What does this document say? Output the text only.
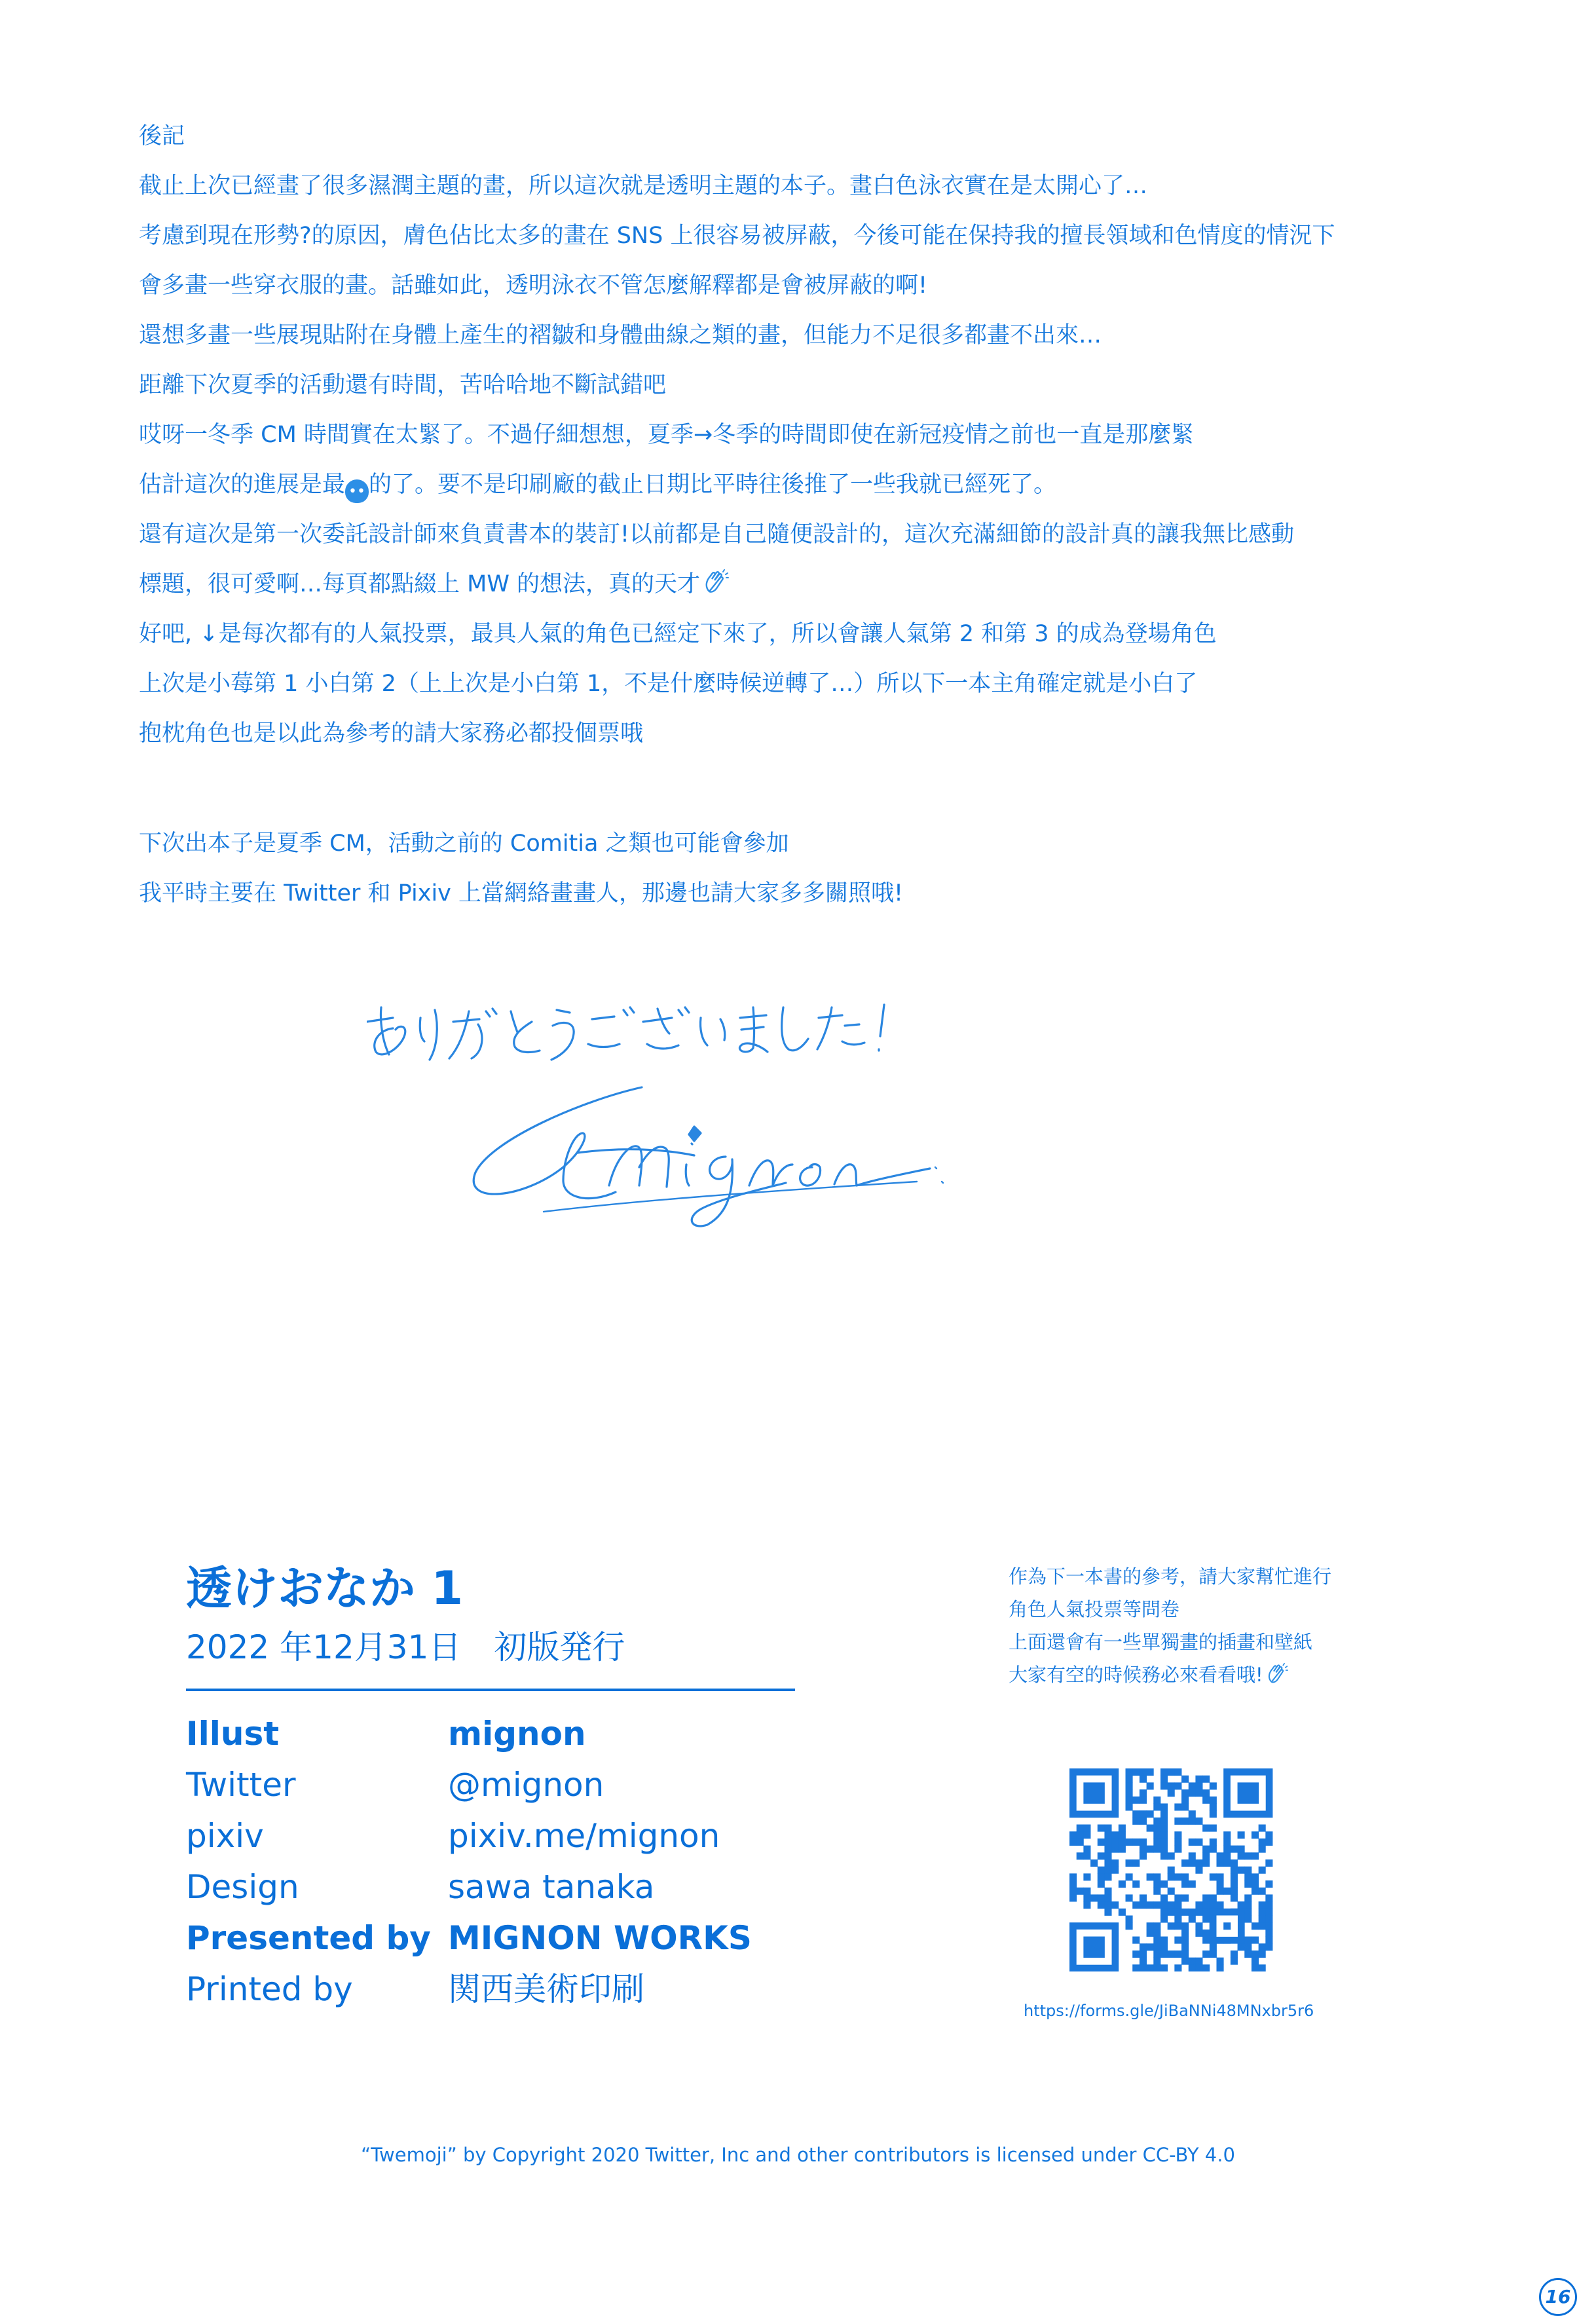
後記
截止上次已經畫了很多濕潤主題的畫，所以這次就是透明主題的本子。畫白色泳衣實在是太開心了…
考慮到現在形勢?的原因，膚色佔比太多的畫在 SNS 上很容易被屏蔽，今後可能在保持我的擅長領域和色情度的情況下
會多畫一些穿衣服的畫。話雖如此，透明泳衣不管怎麼解釋都是會被屏蔽的啊!
還想多畫一些展現貼附在身體上產生的褶皺和身體曲線之類的畫，但能力不足很多都畫不出來…
距離下次夏季的活動還有時間，苦哈哈地不斷試錯吧
哎呀一冬季 CM 時間實在太緊了。不過仔細想想，夏季→冬季的時間即使在新冠疫情之前也一直是那麼緊
估計這次的進展是最 •• 的了。要不是印刷廠的截止日期比平時往後推了一些我就已經死了。
還有這次是第一次委託設計師來負責書本的裝訂!以前都是自己隨便設計的，這次充滿細節的設計真的讓我無比感動
標題，很可愛啊…每頁都點綴上 MW 的想法，真的天才
好吧, ↓是每次都有的人氣投票，最具人氣的角色已經定下來了，所以會讓人氣第 2 和第 3 的成為登場角色
上次是小莓第 1 小白第 2（上上次是小白第 1，不是什麼時候逆轉了…）所以下一本主角確定就是小白了
抱枕角色也是以此為參考的請大家務必都投個票哦
下次出本子是夏季 CM，活動之前的 Comitia 之類也可能會參加
我平時主要在 Twitter 和 Pixiv 上當網絡畫畫人，那邊也請大家多多關照哦!
透けおなか 1
2022 年12月31日　初版発行
Illust	mignon
Twitter	@mignon
pixiv	pixiv.me/mignon
Design	sawa tanaka
Presented by MIGNON WORKS
Printed by	関西美術印刷
作為下一本書的參考，請大家幫忙進行
角色人氣投票等問卷
上面還會有一些單獨畫的插畫和壁紙
大家有空的時候務必來看看哦!
https://forms.gle/JiBaNNi48MNxbr5r6
“Twemoji” by Copyright 2020 Twitter, Inc and other contributors is licensed under CC-BY 4.0
16
